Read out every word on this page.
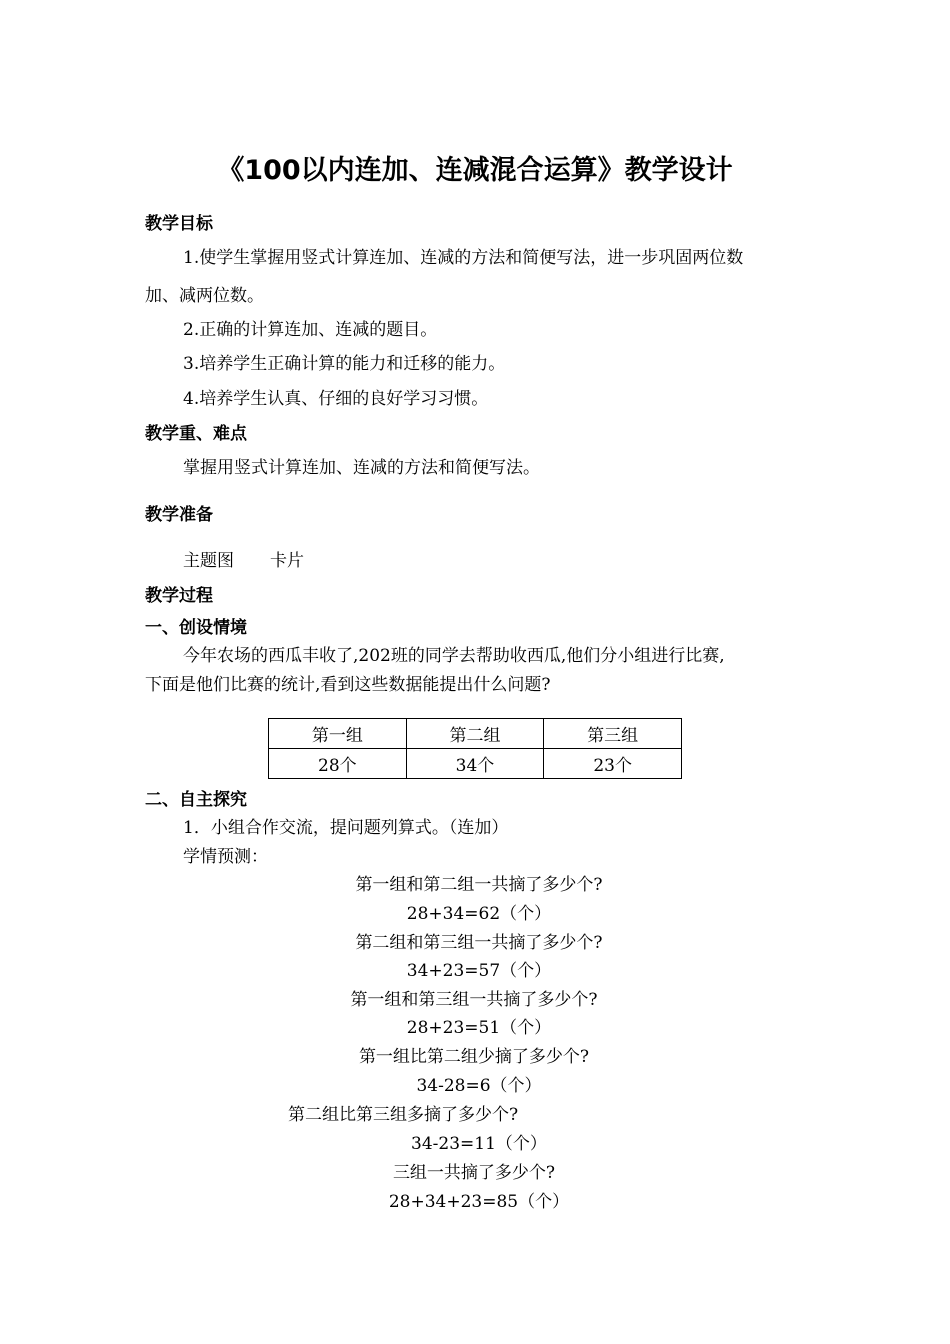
《100以内连加、连减混合运算》教学设计
教学目标
1.使学生掌握用竖式计算连加、连减的方法和简便写法，进一步巩固两位数
加、减两位数。
2.正确的计算连加、连减的题目。
3.培养学生正确计算的能力和迁移的能力。
4.培养学生认真、仔细的良好学习习惯。
教学重、难点
掌握用竖式计算连加、连减的方法和简便写法。
教学准备
主题图 卡片
教学过程
一、创设情境
今年农场的西瓜丰收了,202班的同学去帮助收西瓜,他们分小组进行比赛,
下面是他们比赛的统计,看到这些数据能提出什么问题?
第一组	第二组	第三组
28个	34个	23个
二、自主探究
1．小组合作交流，提问题列算式。（连加）
学情预测：
第一组和第二组一共摘了多少个?
28+34=62（个）
第二组和第三组一共摘了多少个?
34+23=57（个）
第一组和第三组一共摘了多少个?
28+23=51（个）
第一组比第二组少摘了多少个?
34-28=6（个）
第二组比第三组多摘了多少个?
34-23=11（个）
三组一共摘了多少个?
28+34+23=85（个）
